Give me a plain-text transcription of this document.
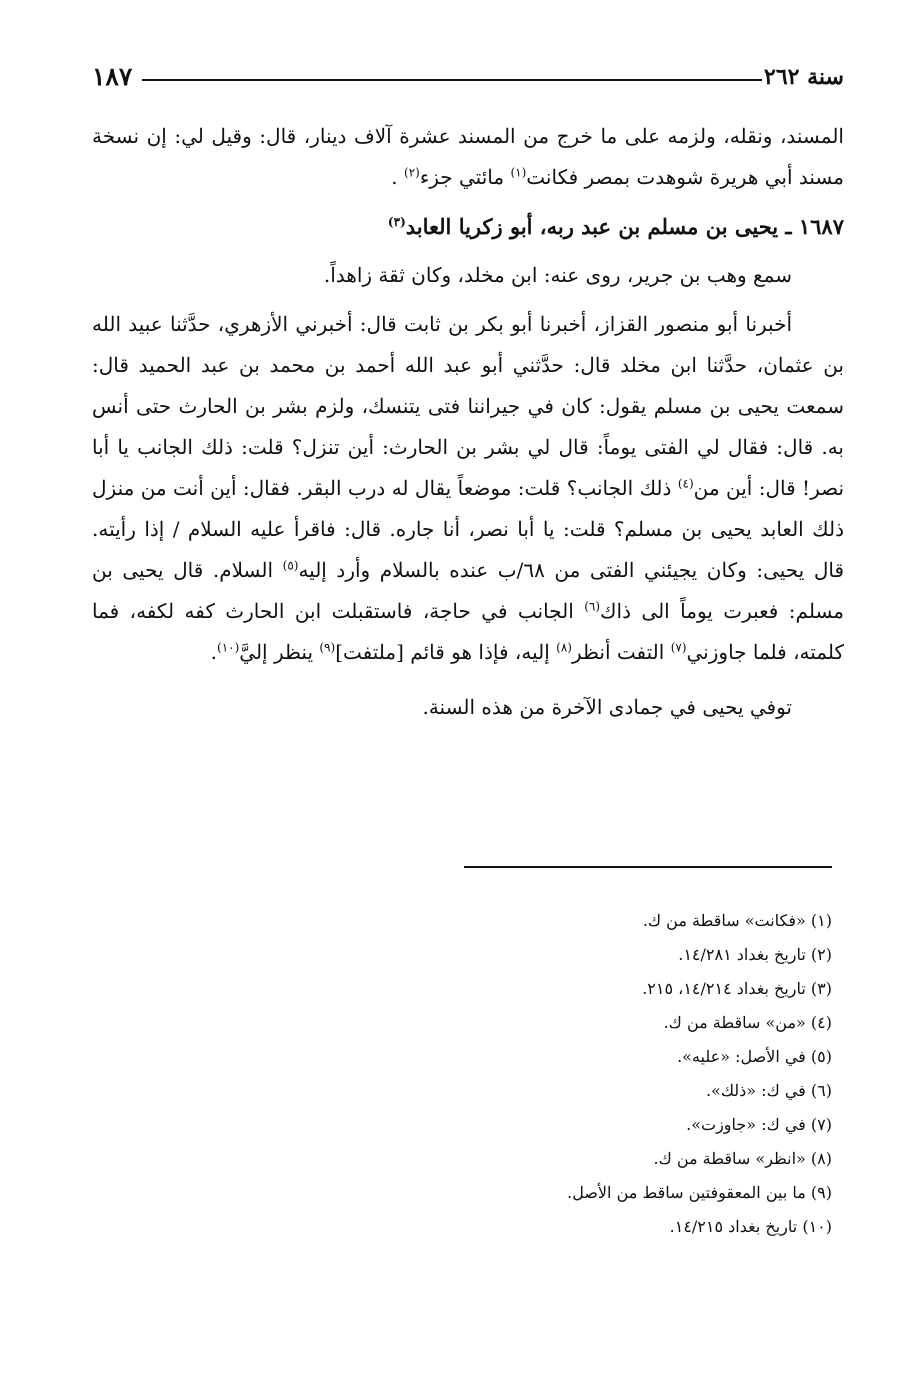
سنة ٢٦٢
١٨٧

المسند، ونقله، ولزمه على ما خرج من المسند عشرة آلاف دينار، قال: وقيل لي: إن نسخة مسند أبي هريرة شوهدت بمصر فكانت$^{(١)}$ مائتي جزء$^{(٢)}$ .

١٦٨٧ ـ يحيى بن مسلم بن عبد ربه، أبو زكريا العابد$^{(٣)}$

سمع وهب بن جرير، روى عنه: ابن مخلد، وكان ثقة زاهداً.

أخبرنا أبو منصور القزاز، أخبرنا أبو بكر بن ثابت قال: أخبرني الأزهري، حدَّثنا عبيد الله بن عثمان، حدَّثنا ابن مخلد قال: حدَّثني أبو عبد الله أحمد بن محمد بن عبد الحميد قال: سمعت يحيى بن مسلم يقول: كان في جيراننا فتى يتنسك، ولزم بشر بن الحارث حتى أنس به. قال: فقال لي الفتى يوماً: قال لي بشر بن الحارث: أين تنزل؟ قلت: ذلك الجانب يا أبا نصر! قال: أين من$^{(٤)}$ ذلك الجانب؟ قلت: موضعاً يقال له درب البقر. فقال: أين أنت من منزل ذلك العابد يحيى بن مسلم؟ قلت: يا أبا نصر، أنا جاره. قال: فاقرأ عليه السلام / إذا رأيته. قال يحيى: وكان يجيئني الفتى من ٦٨/ب عنده بالسلام وأرد إليه$^{(٥)}$ السلام. قال يحيى بن مسلم: فعبرت يوماً الى ذاك$^{(٦)}$ الجانب في حاجة، فاستقبلت ابن الحارث كفه لكفه، فما كلمته، فلما جاوزني$^{(٧)}$ التفت أنظر$^{(٨)}$ إليه، فإذا هو قائم [ملتفت]$^{(٩)}$ ينظر إليَّ$^{(١٠)}$.

توفي يحيى في جمادى الآخرة من هذه السنة.

(١) «فكانت» ساقطة من ك.
(٢) تاريخ بغداد ١٤/٢٨١.
(٣) تاريخ بغداد ١٤/٢١٤، ٢١٥.
(٤) «من» ساقطة من ك.
(٥) في الأصل: «عليه».
(٦) في ك: «ذلك».
(٧) في ك: «جاوزت».
(٨) «انظر» ساقطة من ك.
(٩) ما بين المعقوفتين ساقط من الأصل.
(١٠) تاريخ بغداد ١٤/٢١٥.
